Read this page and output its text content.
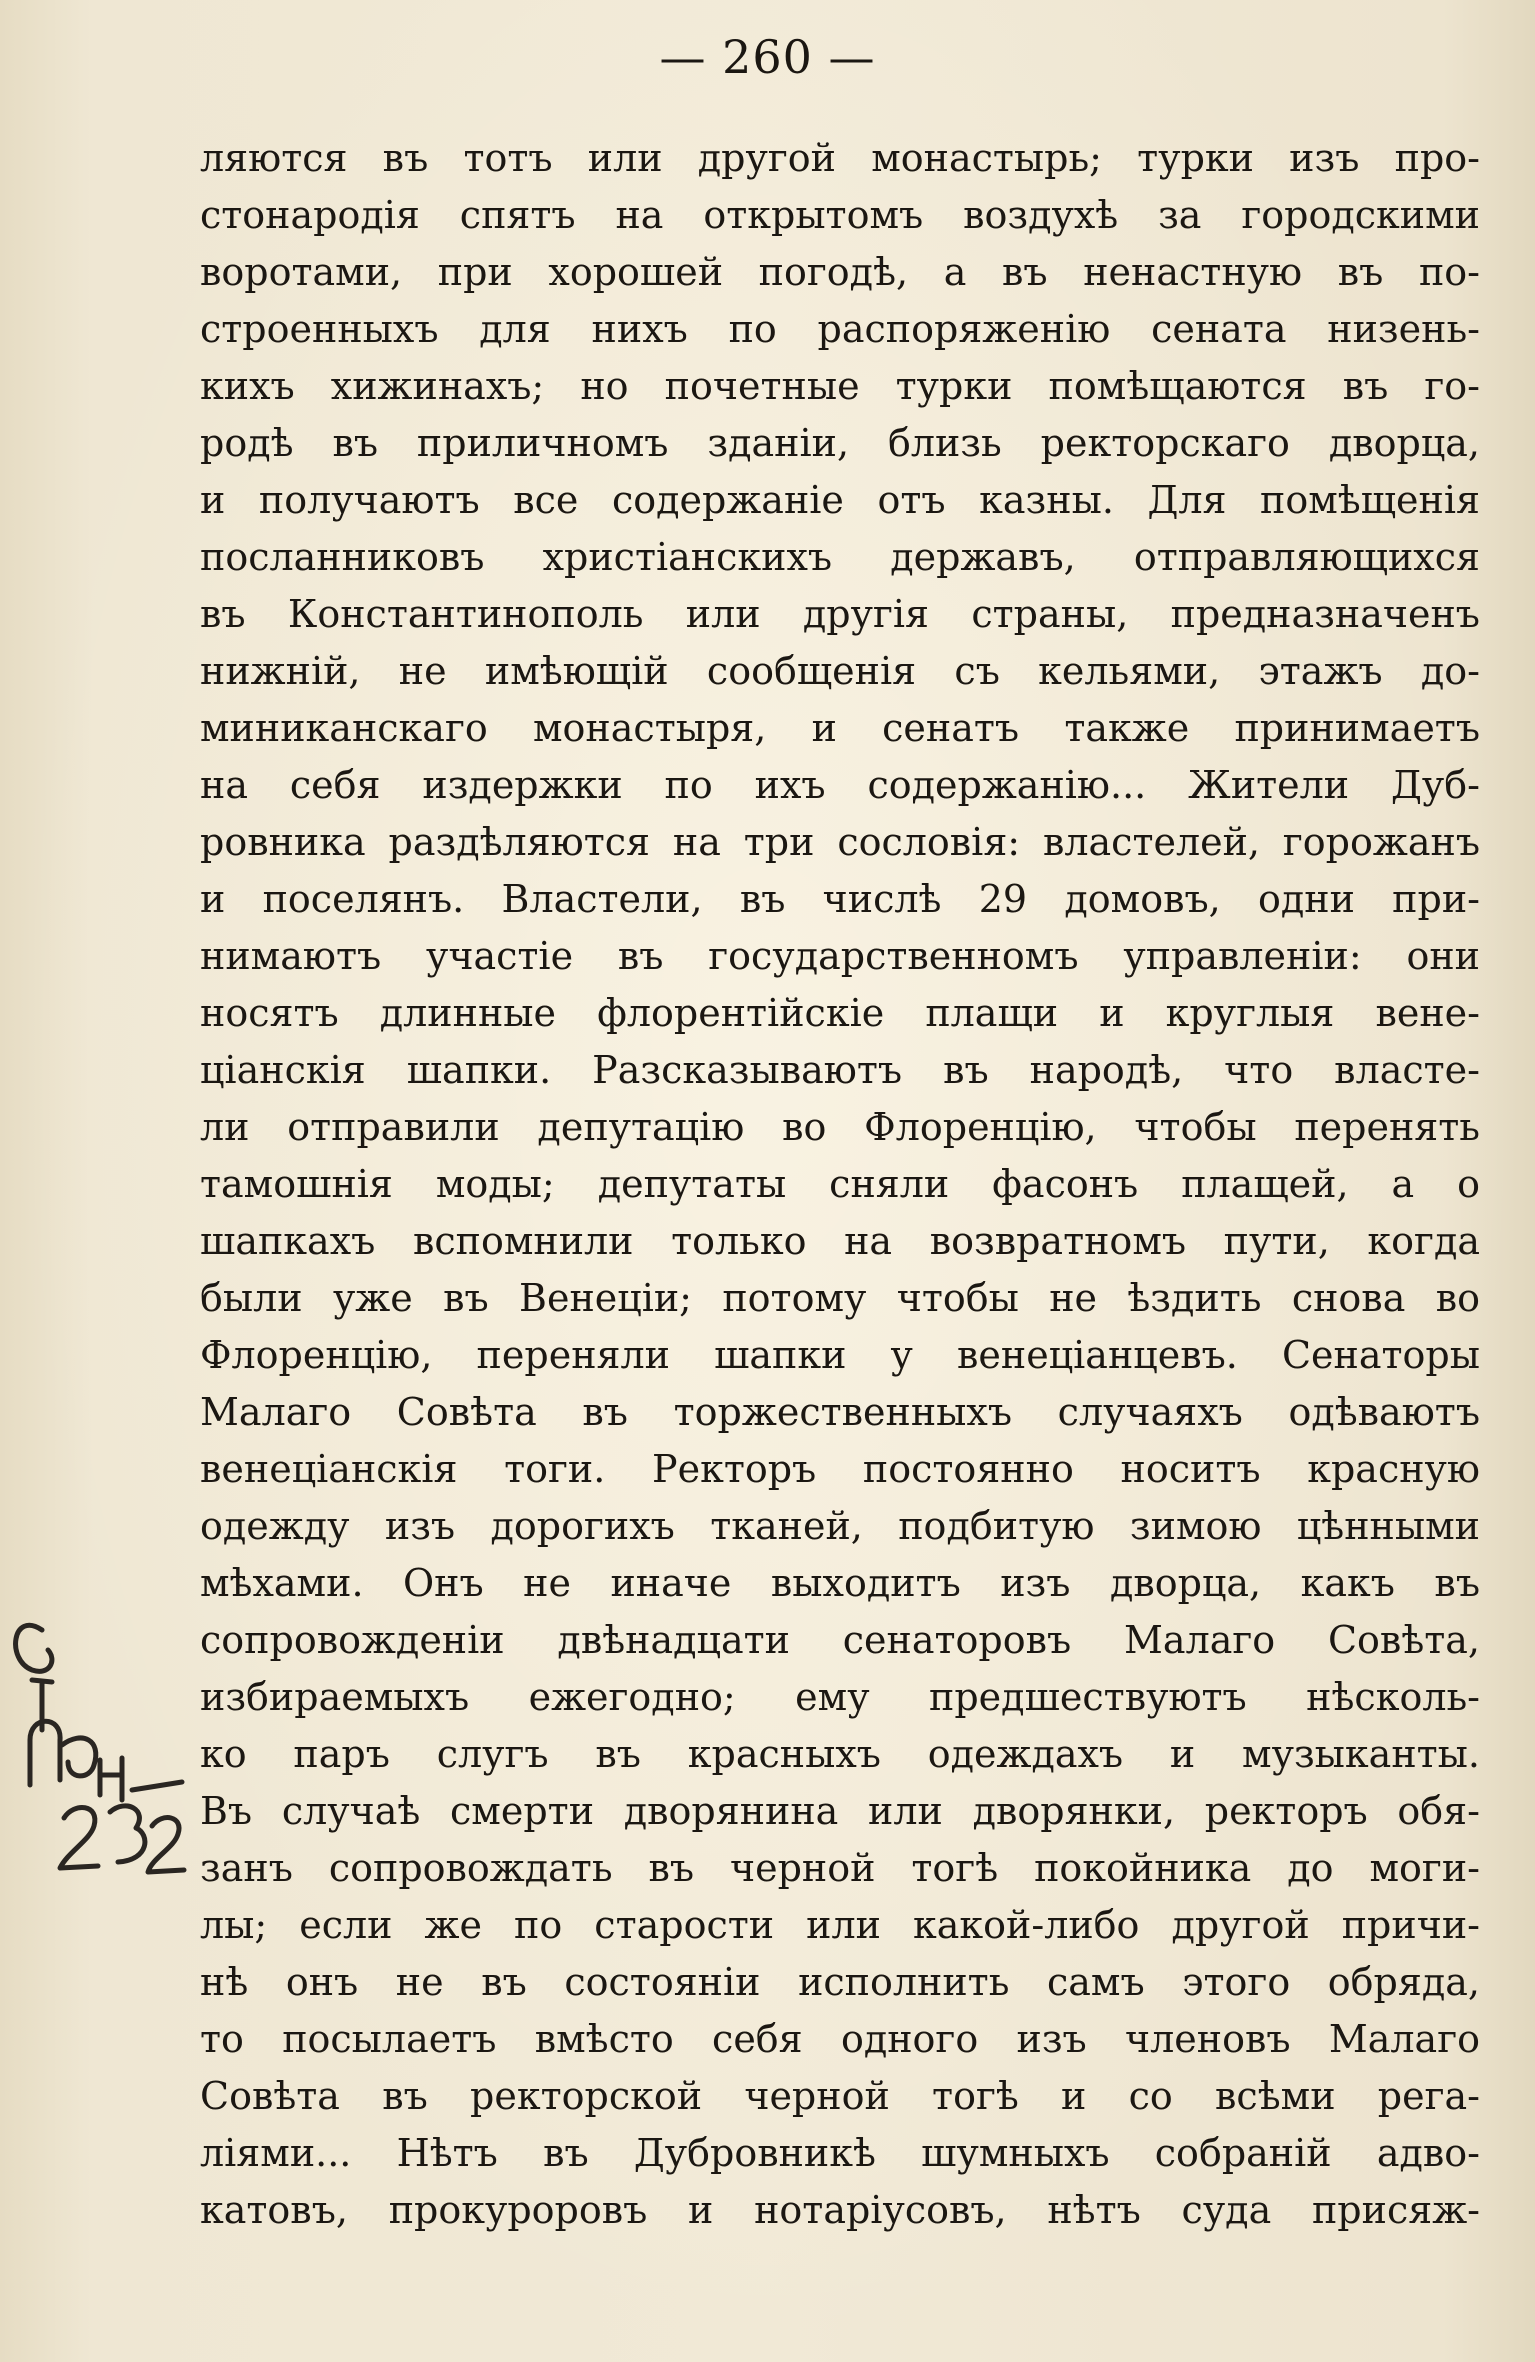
— 260 —
ляются въ тотъ или другой монастырь; турки изъ про-
стонародія спятъ на открытомъ воздухѣ за городскими
воротами, при хорошей погодѣ, а въ ненастную въ по-
строенныхъ для нихъ по распоряженію сената низень-
кихъ хижинахъ; но почетные турки помѣщаются въ го-
родѣ въ приличномъ зданіи, близь ректорскаго дворца,
и получаютъ все содержаніе отъ казны. Для помѣщенія
посланниковъ христіанскихъ державъ, отправляющихся
въ Константинополь или другія страны, предназначенъ
нижній, не имѣющій сообщенія съ кельями, этажъ до-
миниканскаго монастыря, и сенатъ также принимаетъ
на себя издержки по ихъ содержанію... Жители Дуб-
ровника раздѣляются на три сословія: властелей, горожанъ
и поселянъ. Властели, въ числѣ 29 домовъ, одни при-
нимаютъ участіе въ государственномъ управленіи: они
носятъ длинные флорентійскіе плащи и круглыя вене-
ціанскія шапки. Разсказываютъ въ народѣ, что власте-
ли отправили депутацію во Флоренцію, чтобы перенять
тамошнія моды; депутаты сняли фасонъ плащей, а о
шапкахъ вспомнили только на возвратномъ пути, когда
были уже въ Венеціи; потому чтобы не ѣздить снова во
Флоренцію, переняли шапки у венеціанцевъ. Сенаторы
Малаго Совѣта въ торжественныхъ случаяхъ одѣваютъ
венеціанскія тоги. Ректоръ постоянно носитъ красную
одежду изъ дорогихъ тканей, подбитую зимою цѣнными
мѣхами. Онъ не иначе выходитъ изъ дворца, какъ въ
сопровожденіи двѣнадцати сенаторовъ Малаго Совѣта,
избираемыхъ ежегодно; ему предшествуютъ нѣсколь-
ко паръ слугъ въ красныхъ одеждахъ и музыканты.
Въ случаѣ смерти дворянина или дворянки, ректоръ обя-
занъ сопровождать въ черной тогѣ покойника до моги-
лы; если же по старости или какой-либо другой причи-
нѣ онъ не въ состояніи исполнить самъ этого обряда,
то посылаетъ вмѣсто себя одного изъ членовъ Малаго
Совѣта въ ректорской черной тогѣ и со всѣми рега-
ліями... Нѣтъ въ Дубровникѣ шумныхъ собраній адво-
катовъ, прокуроровъ и нотаріусовъ, нѣтъ суда присяж-
